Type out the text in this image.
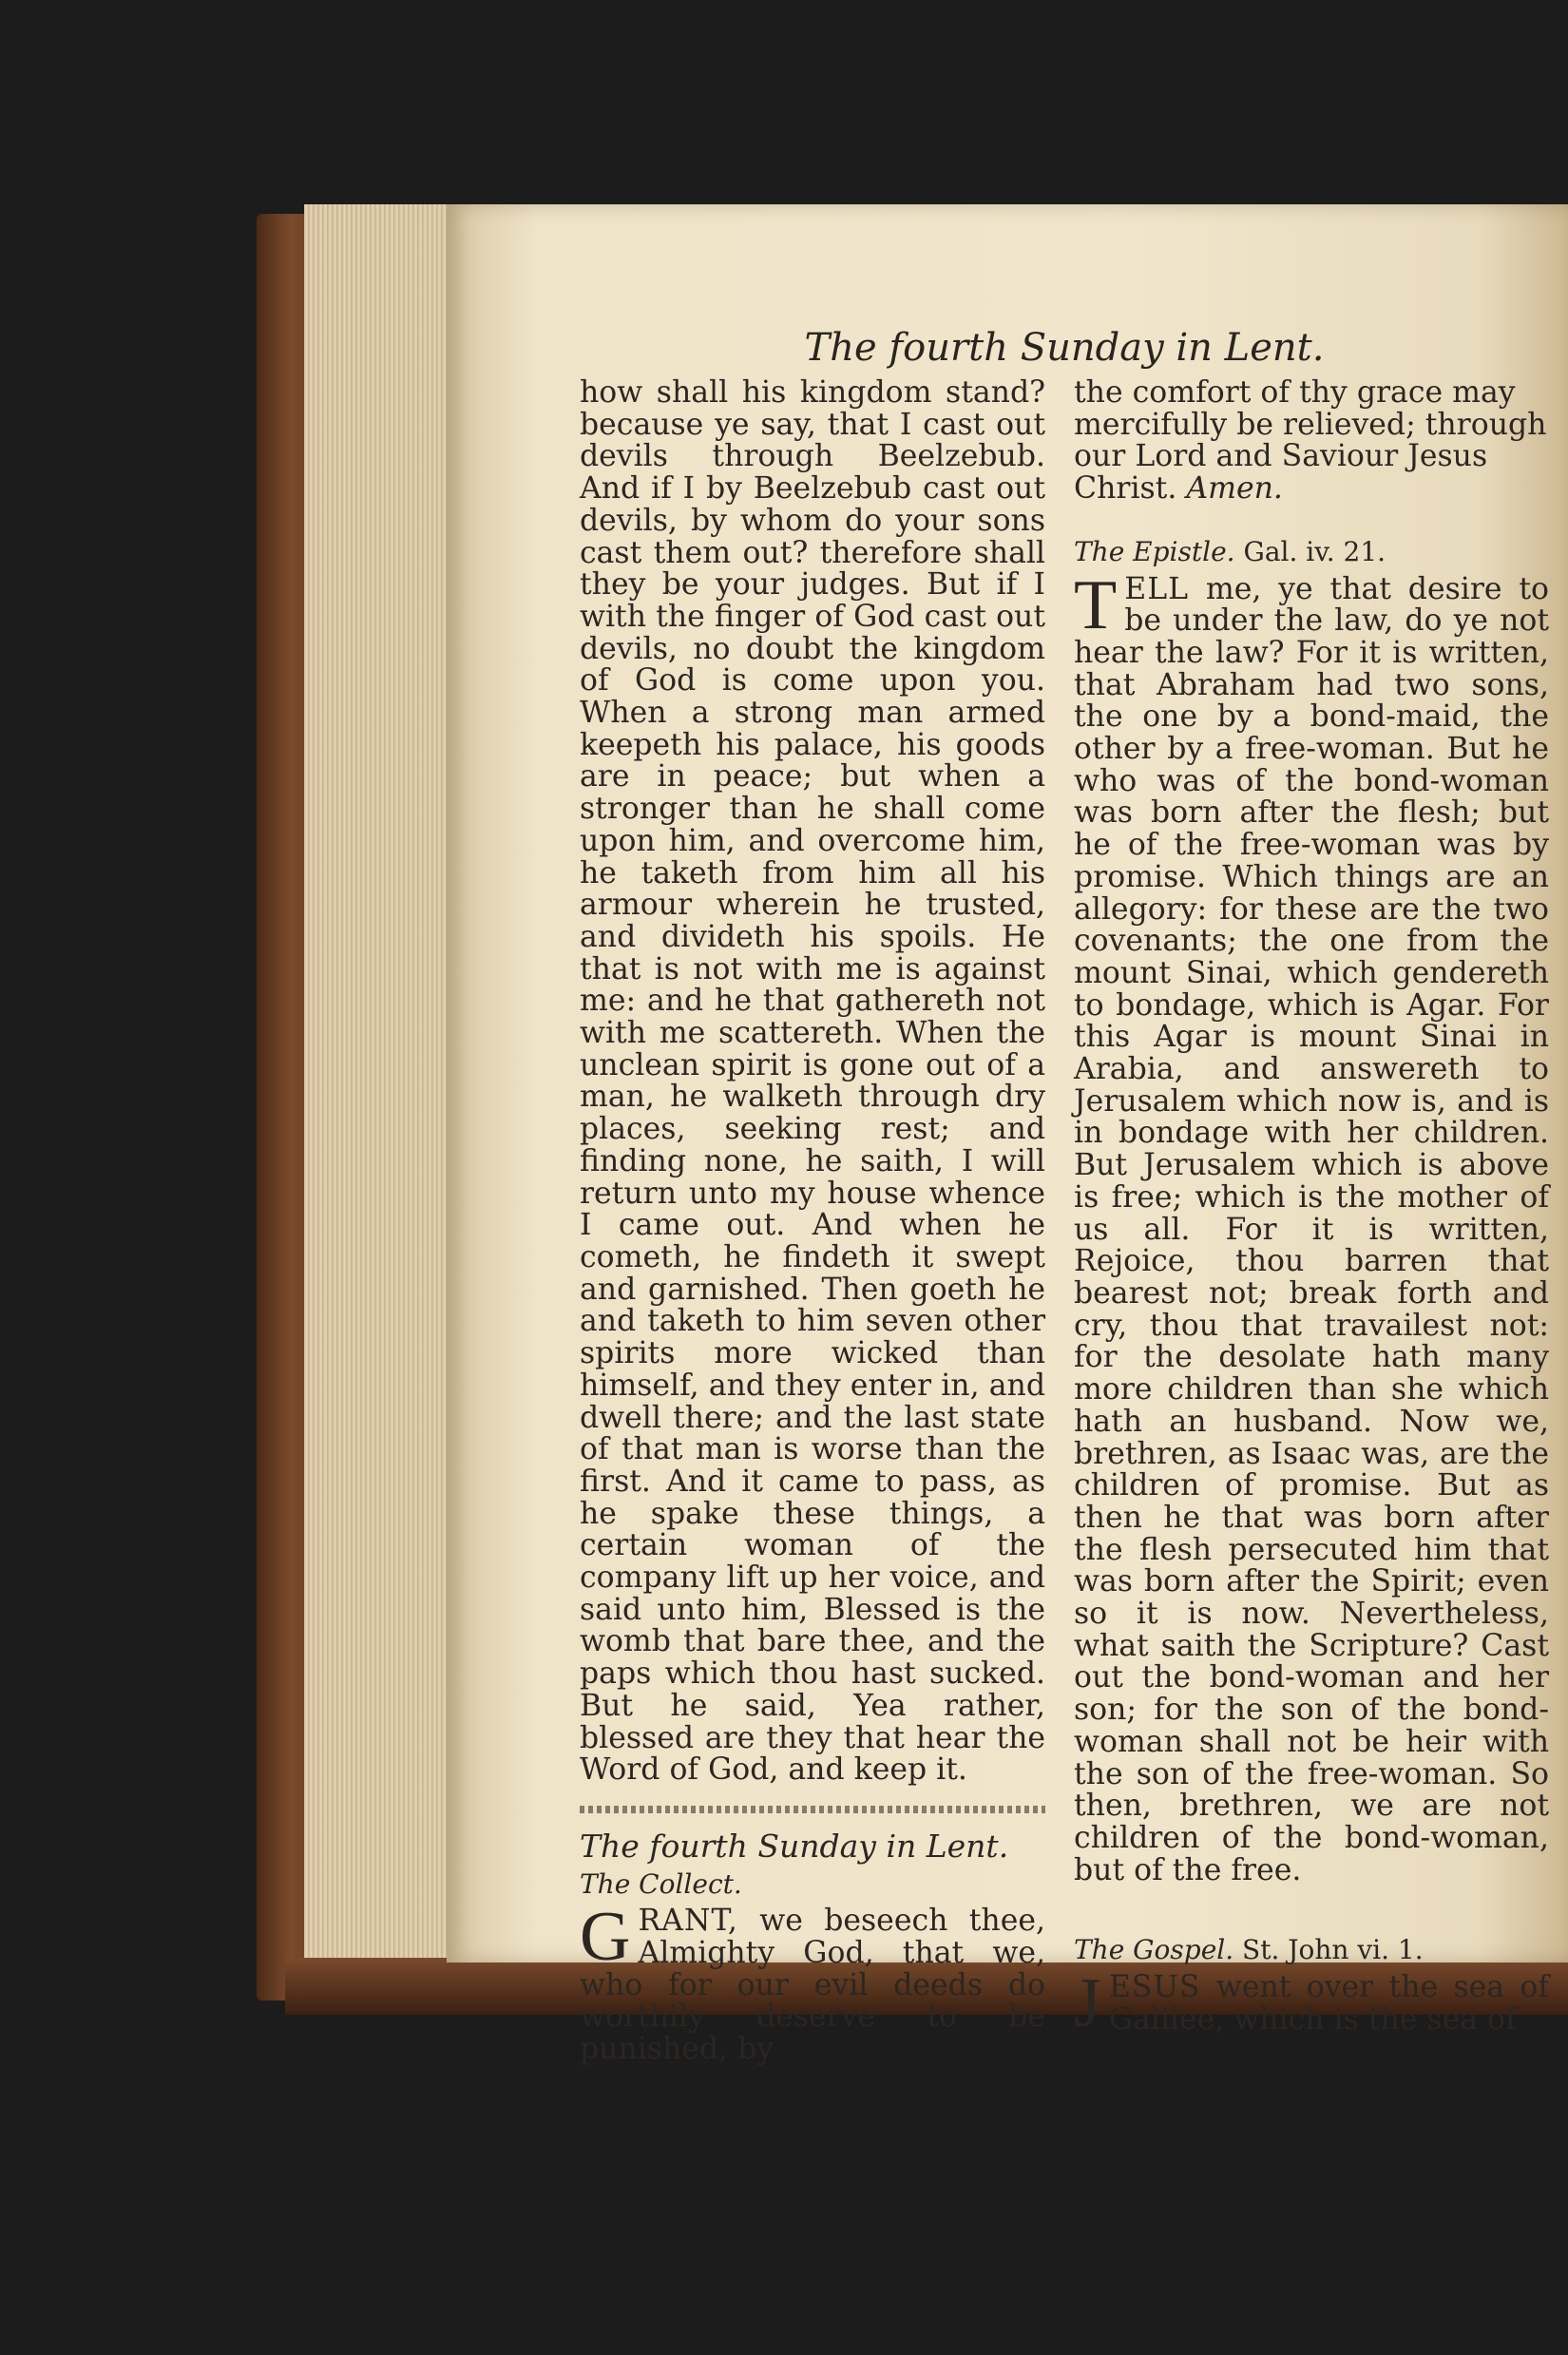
The fourth Sunday in Lent.

how shall his kingdom stand? because ye say, that I cast out devils through Beelzebub. And if I by Beelzebub cast out devils, by whom do your sons cast them out? therefore shall they be your judges. But if I with the finger of God cast out devils, no doubt the kingdom of God is come upon you. When a strong man armed keepeth his palace, his goods are in peace; but when a stronger than he shall come upon him, and overcome him, he taketh from him all his armour wherein he trusted, and divideth his spoils. He that is not with me is against me: and he that gathereth not with me scattereth. When the unclean spirit is gone out of a man, he walketh through dry places, seeking rest; and finding none, he saith, I will return unto my house whence I came out. And when he cometh, he findeth it swept and garnished. Then goeth he and taketh to him seven other spirits more wicked than himself, and they enter in, and dwell there; and the last state of that man is worse than the first. And it came to pass, as he spake these things, a certain woman of the company lift up her voice, and said unto him, Blessed is the womb that bare thee, and the paps which thou hast sucked. But he said, Yea rather, blessed are they that hear the Word of God, and keep it.

The fourth Sunday in Lent.

The Collect.

GRANT, we beseech thee, Almighty God, that we, who for our evil deeds do worthily deserve to be punished, by

the comfort of thy grace may mercifully be relieved; through our Lord and Saviour Jesus Christ. Amen.

The Epistle. Gal. iv. 21.

TELL me, ye that desire to be under the law, do ye not hear the law? For it is written, that Abraham had two sons, the one by a bond-maid, the other by a free-woman. But he who was of the bond-woman was born after the flesh; but he of the free-woman was by promise. Which things are an allegory: for these are the two covenants; the one from the mount Sinai, which gendereth to bondage, which is Agar. For this Agar is mount Sinai in Arabia, and answereth to Jerusalem which now is, and is in bondage with her children. But Jerusalem which is above is free; which is the mother of us all. For it is written, Rejoice, thou barren that bearest not; break forth and cry, thou that travailest not: for the desolate hath many more children than she which hath an husband. Now we, brethren, as Isaac was, are the children of promise. But as then he that was born after the flesh persecuted him that was born after the Spirit; even so it is now. Nevertheless, what saith the Scripture? Cast out the bond-woman and her son; for the son of the bond-woman shall not be heir with the son of the free-woman. So then, brethren, we are not children of the bond-woman, but of the free.

The Gospel. St. John vi. 1.

JESUS went over the sea of Galilee, which is the sea of
